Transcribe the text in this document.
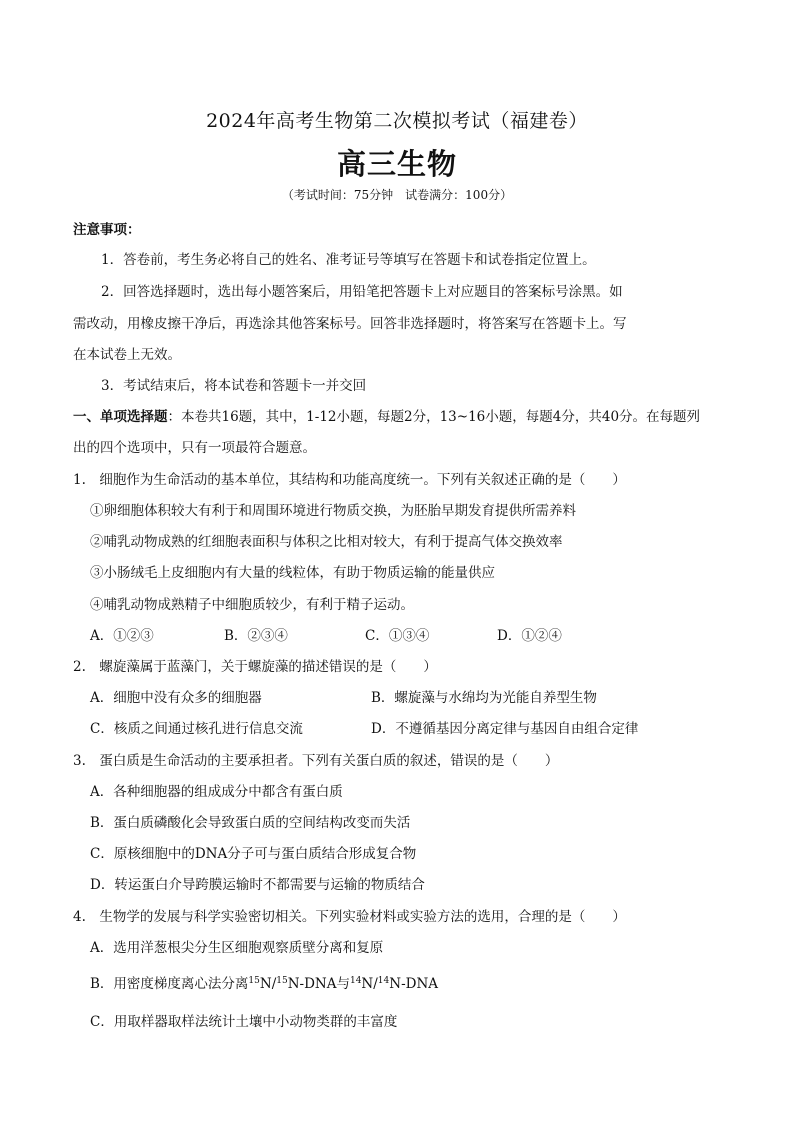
2024年高考生物第二次模拟考试（福建卷）
高三生物
（考试时间：75分钟　试卷满分：100分）
注意事项：
1．答卷前，考生务必将自己的姓名、准考证号等填写在答题卡和试卷指定位置上。
2．回答选择题时，选出每小题答案后，用铅笔把答题卡上对应题目的答案标号涂黑。如
需改动，用橡皮擦干净后，再选涂其他答案标号。回答非选择题时，将答案写在答题卡上。写
在本试卷上无效。
3．考试结束后，将本试卷和答题卡一并交回
一、单项选择题：本卷共16题，其中，1-12小题，每题2分，13~16小题，每题4分，共40分。在每题列
出的四个选项中，只有一项最符合题意。
1.　细胞作为生命活动的基本单位，其结构和功能高度统一。下列有关叙述正确的是（　　）
①卵细胞体积较大有利于和周围环境进行物质交换，为胚胎早期发育提供所需养料
②哺乳动物成熟的红细胞表面积与体积之比相对较大，有利于提高气体交换效率
③小肠绒毛上皮细胞内有大量的线粒体，有助于物质运输的能量供应
④哺乳动物成熟精子中细胞质较少，有利于精子运动。
A．①②③	B．②③④	C．①③④	D．①②④
2.　螺旋藻属于蓝藻门，关于螺旋藻的描述错误的是（　　）
A．细胞中没有众多的细胞器	B．螺旋藻与水绵均为光能自养型生物
C．核质之间通过核孔进行信息交流	D．不遵循基因分离定律与基因自由组合定律
3.　蛋白质是生命活动的主要承担者。下列有关蛋白质的叙述，错误的是（　　）
A．各种细胞器的组成成分中都含有蛋白质
B．蛋白质磷酸化会导致蛋白质的空间结构改变而失活
C．原核细胞中的DNA分子可与蛋白质结合形成复合物
D．转运蛋白介导跨膜运输时不都需要与运输的物质结合
4.　生物学的发展与科学实验密切相关。下列实验材料或实验方法的选用，合理的是（　　）
A．选用洋葱根尖分生区细胞观察质壁分离和复原
B．用密度梯度离心法分离$^{15}$N/$^{15}$N-DNA与$^{14}$N/$^{14}$N-DNA
C．用取样器取样法统计土壤中小动物类群的丰富度
